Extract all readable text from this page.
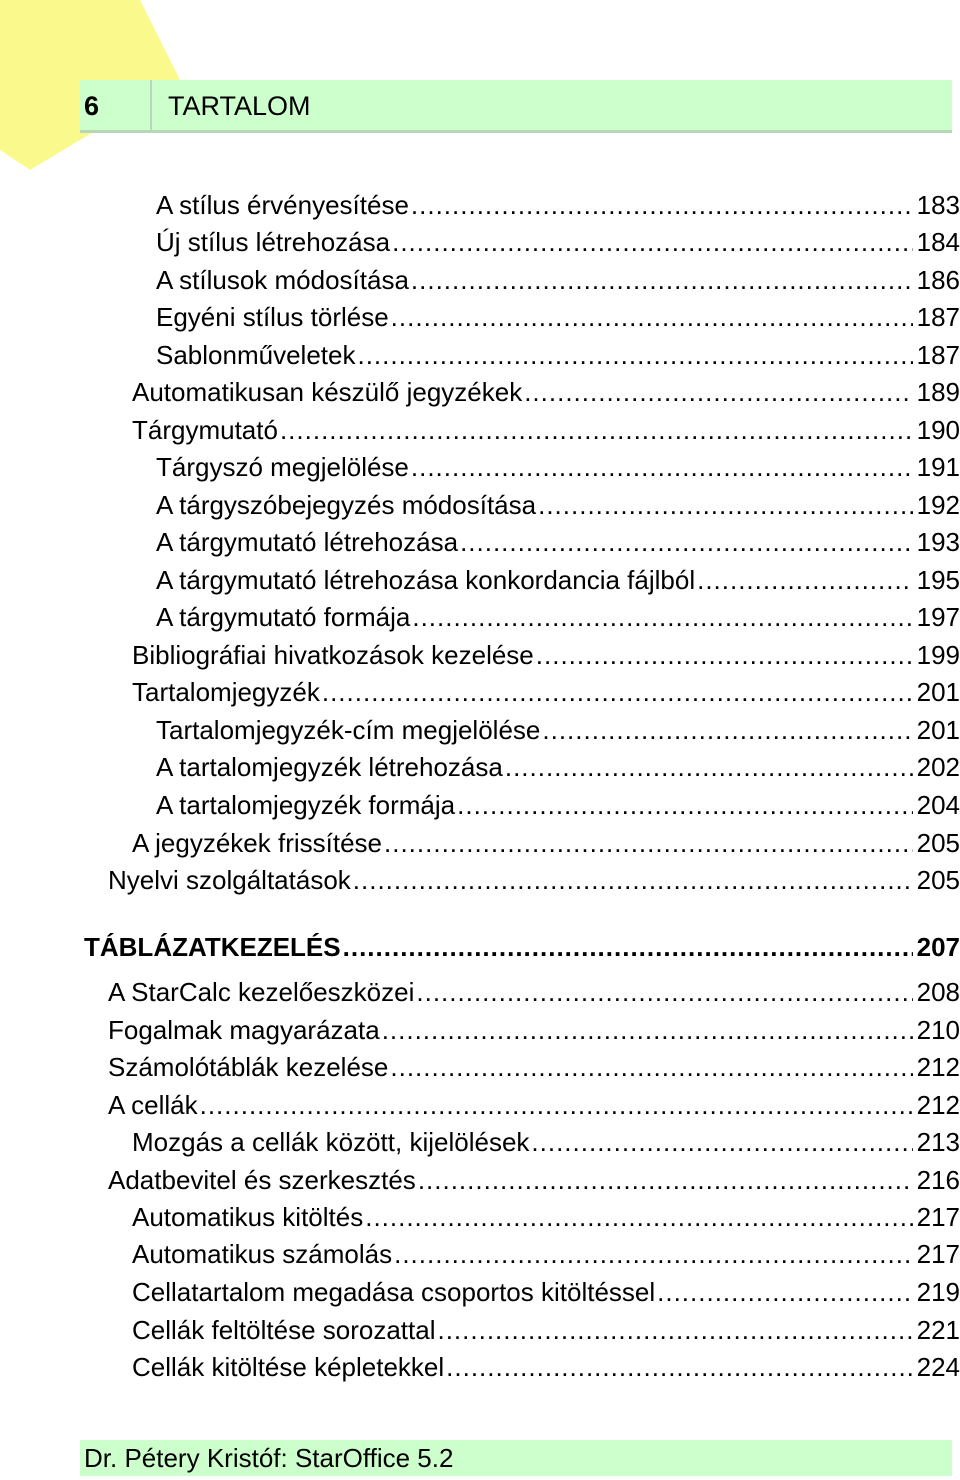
6	TARTALOM
A stílus érvényesítése .....	183
Új stílus létrehozása .....	184
A stílusok módosítása .....	186
Egyéni stílus törlése .....	187
Sablonműveletek .....	187
Automatikusan készülő jegyzékek .....	189
Tárgymutató .....	190
Tárgyszó megjelölése .....	191
A tárgyszóbejegyzés módosítása .....	192
A tárgymutató létrehozása .....	193
A tárgymutató létrehozása konkordancia fájlból .....	195
A tárgymutató formája .....	197
Bibliográfiai hivatkozások kezelése .....	199
Tartalomjegyzék .....	201
Tartalomjegyzék-cím megjelölése .....	201
A tartalomjegyzék létrehozása .....	202
A tartalomjegyzék formája .....	204
A jegyzékek frissítése .....	205
Nyelvi szolgáltatások .....	205
TÁBLÁZATKEZELÉS .....	207
A StarCalc kezelőeszközei .....	208
Fogalmak magyarázata .....	210
Számolótáblák kezelése .....	212
A cellák .....	212
Mozgás a cellák között, kijelölések .....	213
Adatbevitel és szerkesztés .....	216
Automatikus kitöltés .....	217
Automatikus számolás .....	217
Cellatartalom megadása csoportos kitöltéssel .....	219
Cellák feltöltése sorozattal .....	221
Cellák kitöltése képletekkel .....	224
Dr. Pétery Kristóf: StarOffice 5.2
